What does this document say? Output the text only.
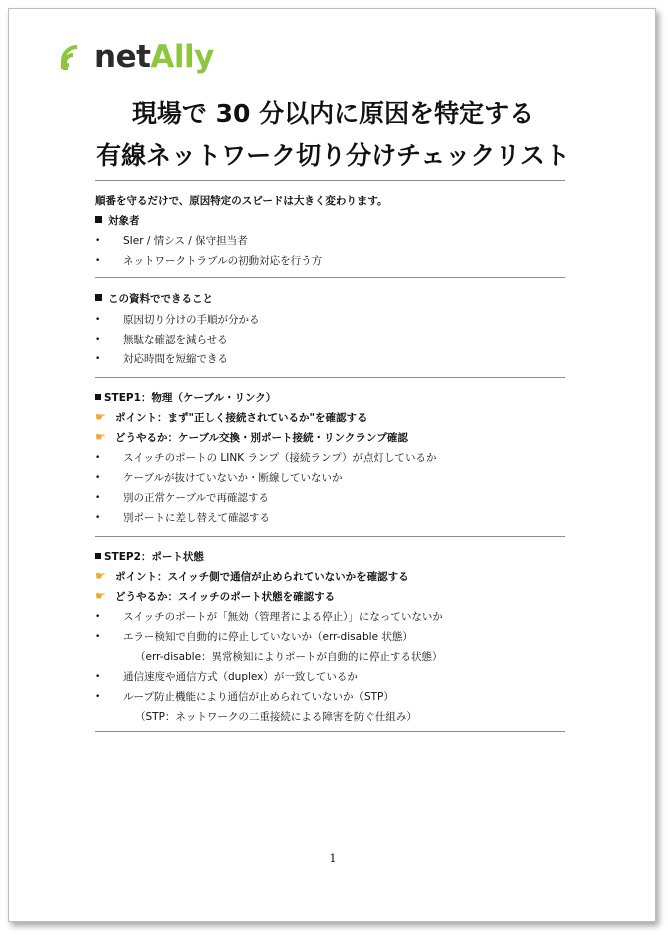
netAlly
現場で 30 分以内に原因を特定する
有線ネットワーク切り分けチェックリスト
順番を守るだけで、原因特定のスピードは大きく変わります。
対象者
• SIer / 情シス / 保守担当者
• ネットワークトラブルの初動対応を行う方
この資料でできること
• 原因切り分けの手順が分かる
• 無駄な確認を減らせる
• 対応時間を短縮できる
STEP1：物理（ケーブル・リンク）
☛ ポイント：まず"正しく接続されているか"を確認する
☛ どうやるか：ケーブル交換・別ポート接続・リンクランプ確認
• スイッチのポートの LINK ランプ（接続ランプ）が点灯しているか
• ケーブルが抜けていないか・断線していないか
• 別の正常ケーブルで再確認する
• 別ポートに差し替えて確認する
STEP2：ポート状態
☛ ポイント：スイッチ側で通信が止められていないかを確認する
☛ どうやるか：スイッチのポート状態を確認する
• スイッチのポートが「無効（管理者による停止）」になっていないか
• エラー検知で自動的に停止していないか（err-disable 状態）
（err-disable：異常検知によりポートが自動的に停止する状態）
• 通信速度や通信方式（duplex）が一致しているか
• ループ防止機能により通信が止められていないか（STP）
（STP：ネットワークの二重接続による障害を防ぐ仕組み）
1
